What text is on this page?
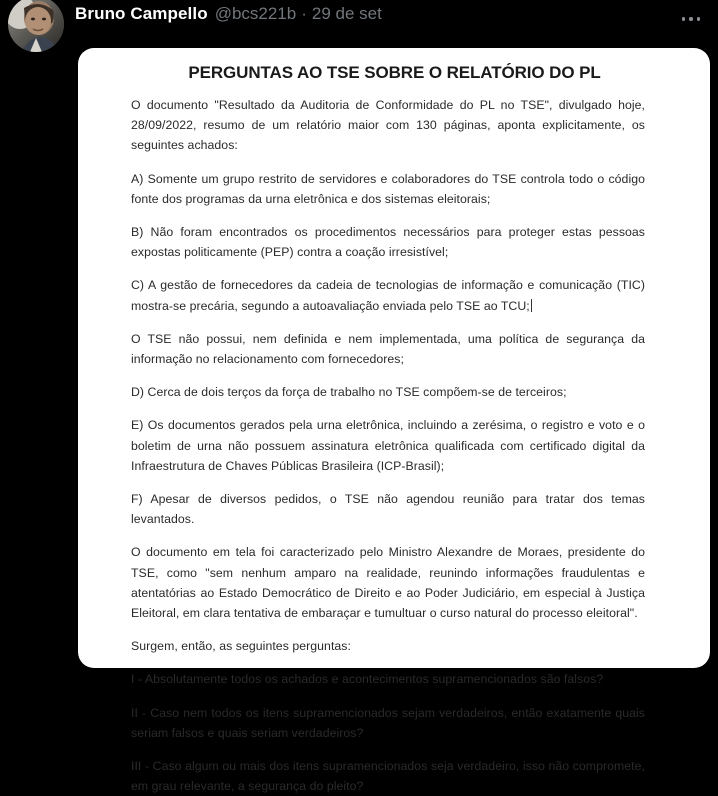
Bruno Campello @bcs221b · 29 de set
PERGUNTAS AO TSE SOBRE O RELATÓRIO DO PL

O documento "Resultado da Auditoria de Conformidade do PL no TSE", divulgado hoje, 28/09/2022, resumo de um relatório maior com 130 páginas, aponta explicitamente, os seguintes achados:

A) Somente um grupo restrito de servidores e colaboradores do TSE controla todo o código fonte dos programas da urna eletrônica e dos sistemas eleitorais;

B) Não foram encontrados os procedimentos necessários para proteger estas pessoas expostas politicamente (PEP) contra a coação irresistível;

C) A gestão de fornecedores da cadeia de tecnologias de informação e comunicação (TIC) mostra-se precária, segundo a autoavaliação enviada pelo TSE ao TCU;

O TSE não possui, nem definida e nem implementada, uma política de segurança da informação no relacionamento com fornecedores;

D) Cerca de dois terços da força de trabalho no TSE compõem-se de terceiros;

E) Os documentos gerados pela urna eletrônica, incluindo a zerésima, o registro e voto e o boletim de urna não possuem assinatura eletrônica qualificada com certificado digital da Infraestrutura de Chaves Públicas Brasileira (ICP-Brasil);

F) Apesar de diversos pedidos, o TSE não agendou reunião para tratar dos temas levantados.

O documento em tela foi caracterizado pelo Ministro Alexandre de Moraes, presidente do TSE, como "sem nenhum amparo na realidade, reunindo informações fraudulentas e atentatórias ao Estado Democrático de Direito e ao Poder Judiciário, em especial à Justiça Eleitoral, em clara tentativa de embaraçar e tumultuar o curso natural do processo eleitoral".

Surgem, então, as seguintes perguntas:

I - Absolutamente todos os achados e acontecimentos supramencionados são falsos?

II - Caso nem todos os itens supramencionados sejam verdadeiros, então exatamente quais seriam falsos e quais seriam verdadeiros?

III - Caso algum ou mais dos itens supramencionados seja verdadeiro, isso não compromete, em grau relevante, a segurança do pleito?
